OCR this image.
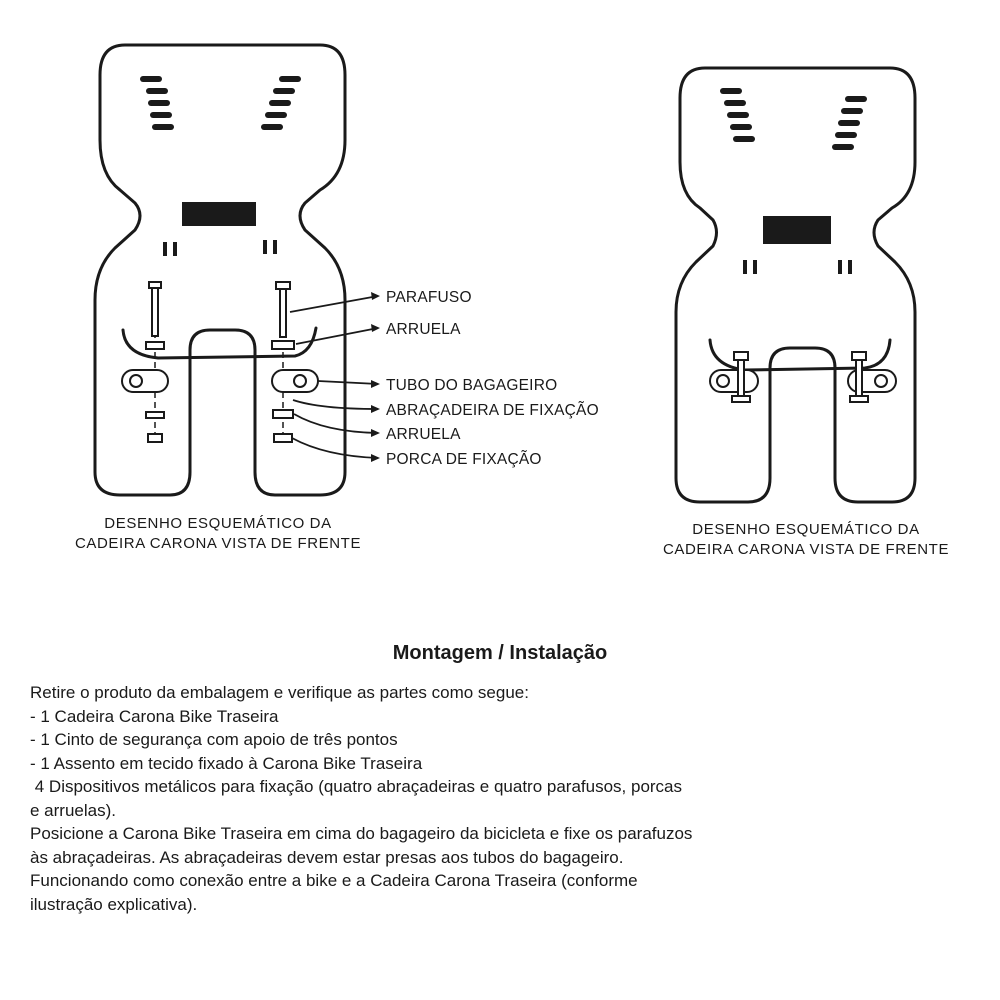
PARAFUSO
ARRUELA
TUBO DO BAGAGEIRO
ABRAÇADEIRA DE FIXAÇÃO
ARRUELA
PORCA DE FIXAÇÃO
DESENHO ESQUEMÁTICO DA
CADEIRA CARONA VISTA DE FRENTE
DESENHO ESQUEMÁTICO DA
CADEIRA CARONA VISTA DE FRENTE
Montagem / Instalação

Retire o produto da embalagem e verifique as partes como segue:

- 1 Cadeira Carona Bike Traseira

- 1 Cinto de segurança com apoio de três pontos

- 1 Assento em tecido fixado à Carona Bike Traseira

4 Dispositivos metálicos para fixação (quatro abraçadeiras e quatro parafusos, porcas

e arruelas).

Posicione a Carona Bike Traseira em cima do bagageiro da bicicleta e fixe os parafuzos

às abraçadeiras. As abraçadeiras devem estar presas aos tubos do bagageiro.

Funcionando como conexão entre a bike e a Cadeira Carona Traseira (conforme

ilustração explicativa).
